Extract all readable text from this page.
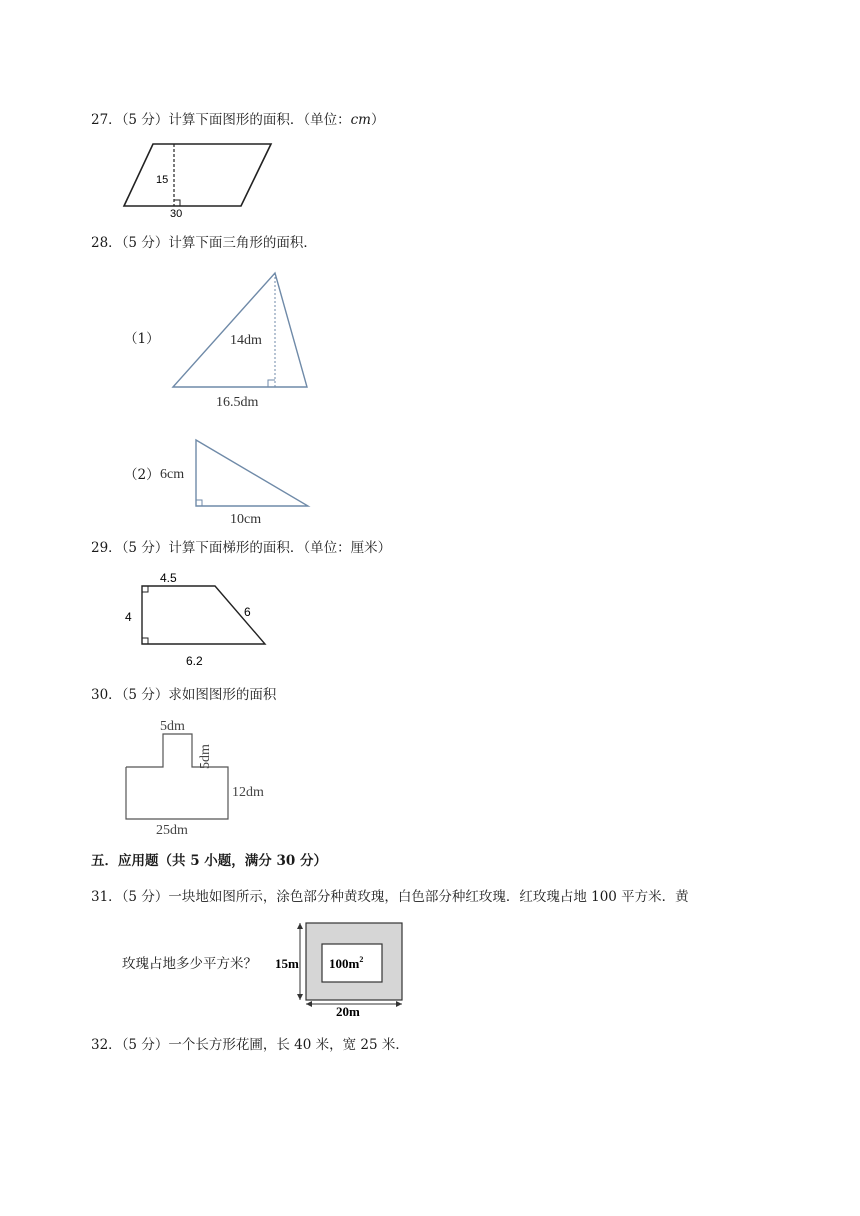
27．（5 分）计算下面图形的面积．（单位：cm）
15
30
28．（5 分）计算下面三角形的面积．
（1）	14dm
16.5dm
（2） 6cm
10cm
29．（5 分）计算下面梯形的面积．（单位：厘米）
4.5
4	6
6.2
30．（5 分）求如图图形的面积
5dm
5dm
12dm
25dm
五．应用题（共 5 小题，满分 30 分）
31．（5 分）一块地如图所示，涂色部分种黄玫瑰，白色部分种红玫瑰．红玫瑰占地 100 平方米．黄
玫瑰占地多少平方米？ 15m $100m^2$
20m
32．（5 分）一个长方形花圃，长 40 米，宽 25 米．
